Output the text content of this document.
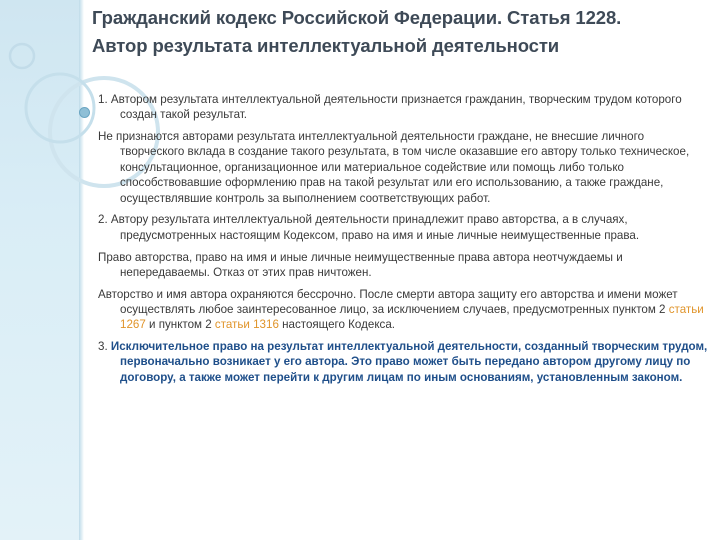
Гражданский кодекс Российской Федерации. Статья 1228.
Автор результата интеллектуальной деятельности

1. Автором результата интеллектуальной деятельности признается гражданин, творческим трудом которого создан такой результат.

Не признаются авторами результата интеллектуальной деятельности граждане, не внесшие личного творческого вклада в создание такого результата, в том числе оказавшие его автору только техническое, консультационное, организационное или материальное содействие или помощь либо только способствовавшие оформлению прав на такой результат или его использованию, а также граждане, осуществлявшие контроль за выполнением соответствующих работ.

2. Автору результата интеллектуальной деятельности принадлежит право авторства, а в случаях, предусмотренных настоящим Кодексом, право на имя и иные личные неимущественные права.

Право авторства, право на имя и иные личные неимущественные права автора неотчуждаемы и непередаваемы. Отказ от этих прав ничтожен.

Авторство и имя автора охраняются бессрочно. После смерти автора защиту его авторства и имени может осуществлять любое заинтересованное лицо, за исключением случаев, предусмотренных пунктом 2 статьи 1267 и пунктом 2 статьи 1316 настоящего Кодекса.

3. Исключительное право на результат интеллектуальной деятельности, созданный творческим трудом, первоначально возникает у его автора. Это право может быть передано автором другому лицу по договору, а также может перейти к другим лицам по иным основаниям, установленным законом.
